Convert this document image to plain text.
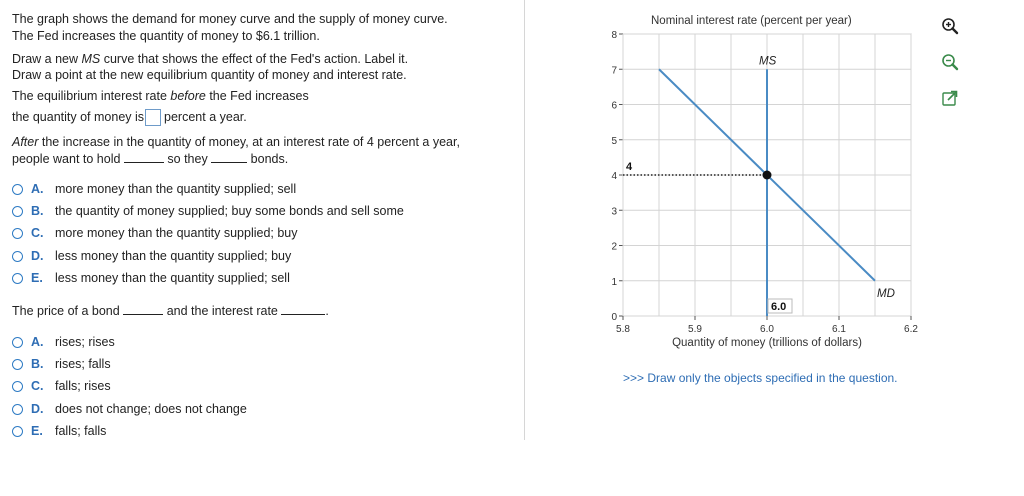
The graph shows the demand for money curve and the supply of money curve.
The Fed increases the quantity of money to $6.1 trillion.
Draw a new MS curve that shows the effect of the Fed's action. Label it.
Draw a point at the new equilibrium quantity of money and interest rate.
The equilibrium interest rate before the Fed increases
the quantity of money is percent a year.
After the increase in the quantity of money, at an interest rate of 4 percent a year,
people want to hold	so they	bonds.
A. more money than the quantity supplied; sell
B. the quantity of money supplied; buy some bonds and sell some
C. more money than the quantity supplied; buy
D. less money than the quantity supplied; buy
E. less money than the quantity supplied; sell
The price of a bond	and the interest rate	.
A. rises; rises
B. rises; falls
C. falls; rises
D. does not change; does not change
E. falls; falls
0
1
2
3
4
5
6
7
8
5.8	5.9	6.0	6.1	6.2
Nominal interest rate (percent per year)
Quantity of money (trillions of dollars)
MS
MD
4
6.0
>>> Draw only the objects specified in the question.
